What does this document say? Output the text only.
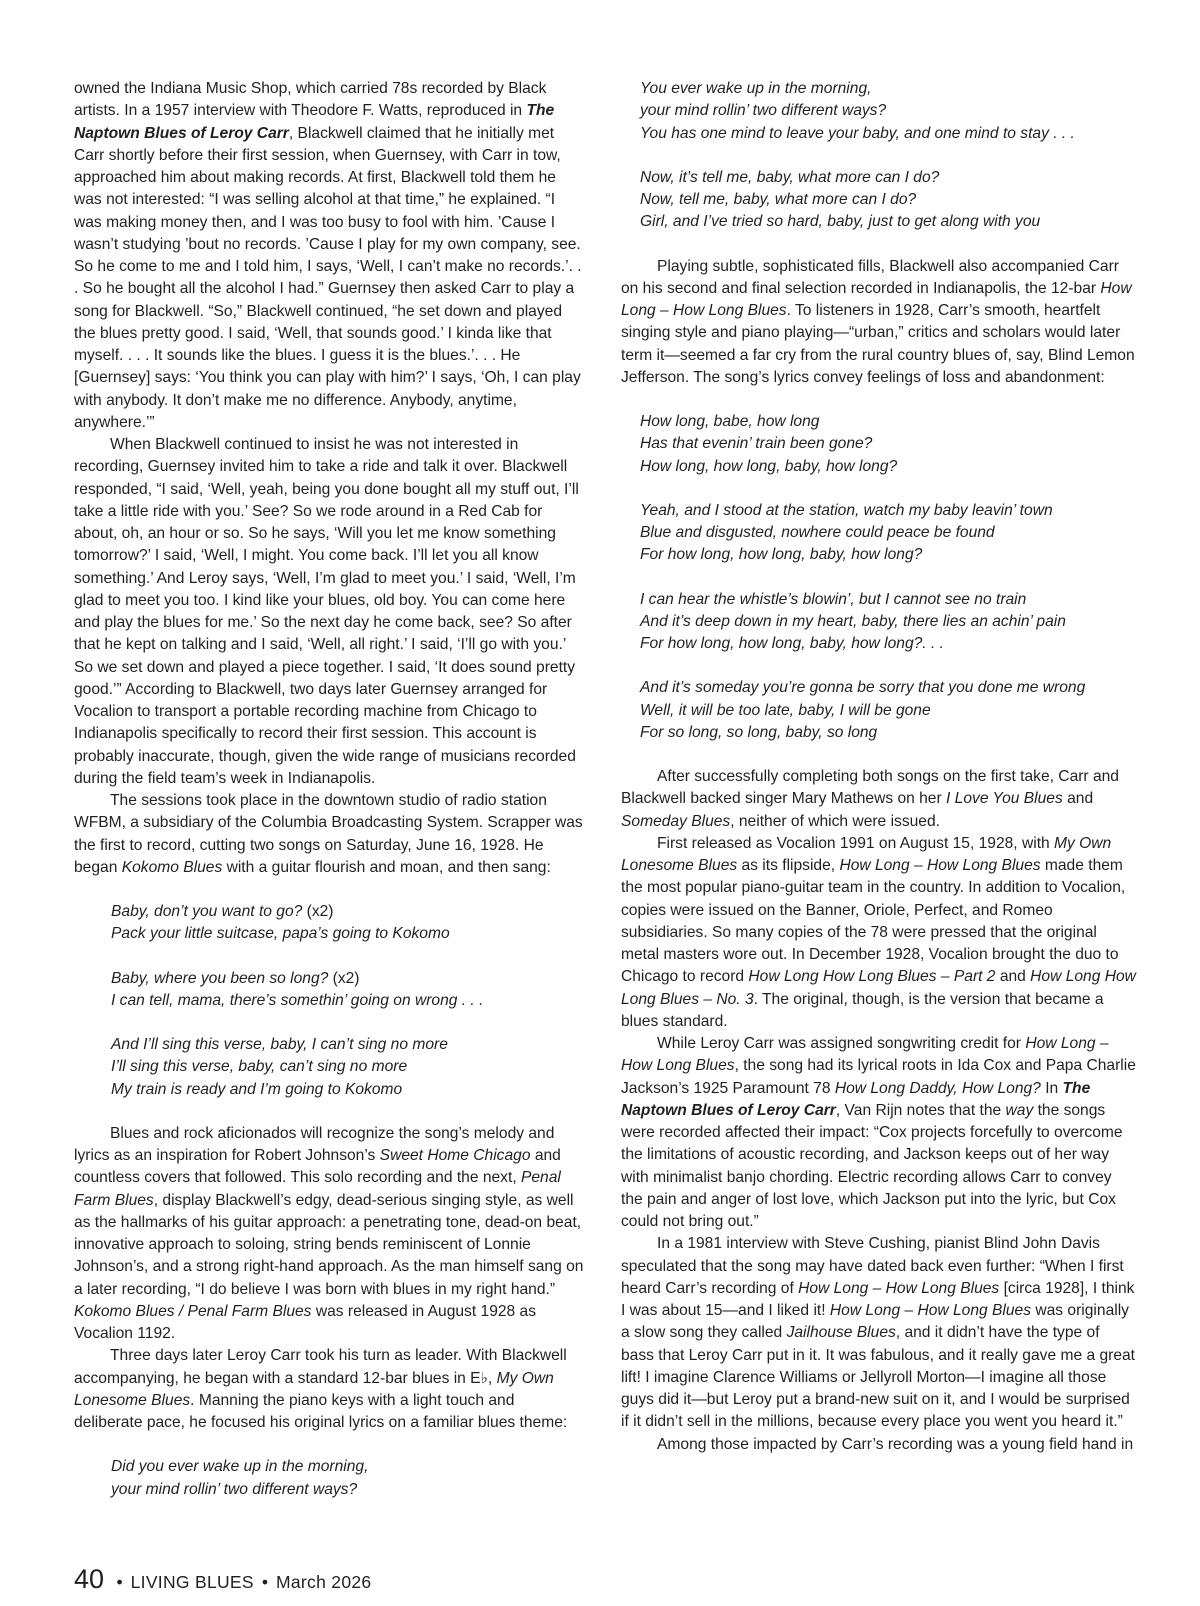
owned the Indiana Music Shop, which carried 78s recorded by Black artists. In a 1957 interview with Theodore F. Watts, reproduced in The Naptown Blues of Leroy Carr, Blackwell claimed that he initially met Carr shortly before their first session, when Guernsey, with Carr in tow, approached him about making records. At first, Blackwell told them he was not interested: “I was selling alcohol at that time,” he explained. “I was making money then, and I was too busy to fool with him. ’Cause I wasn’t studying ’bout no records. ’Cause I play for my own company, see. So he come to me and I told him, I says, ‘Well, I can’t make no records.’. . . So he bought all the alcohol I had.” Guernsey then asked Carr to play a song for Blackwell. “So,” Blackwell continued, “he set down and played the blues pretty good. I said, ‘Well, that sounds good.’ I kinda like that myself. . . . It sounds like the blues. I guess it is the blues.’. . . He [Guernsey] says: ‘You think you can play with him?’ I says, ‘Oh, I can play with anybody. It don’t make me no difference. Anybody, anytime, anywhere.’”

When Blackwell continued to insist he was not interested in recording, Guernsey invited him to take a ride and talk it over. Blackwell responded, “I said, ‘Well, yeah, being you done bought all my stuff out, I’ll take a little ride with you.’ See? So we rode around in a Red Cab for about, oh, an hour or so. So he says, ‘Will you let me know something tomorrow?’ I said, ‘Well, I might. You come back. I’ll let you all know something.’ And Leroy says, ‘Well, I’m glad to meet you.’ I said, ‘Well, I’m glad to meet you too. I kind like your blues, old boy. You can come here and play the blues for me.’ So the next day he come back, see? So after that he kept on talking and I said, ‘Well, all right.’ I said, ‘I’ll go with you.’ So we set down and played a piece together. I said, ‘It does sound pretty good.’” According to Blackwell, two days later Guernsey arranged for Vocalion to transport a portable recording machine from Chicago to Indianapolis specifically to record their first session. This account is probably inaccurate, though, given the wide range of musicians recorded during the field team’s week in Indianapolis.

The sessions took place in the downtown studio of radio station WFBM, a subsidiary of the Columbia Broadcasting System. Scrapper was the first to record, cutting two songs on Saturday, June 16, 1928. He began Kokomo Blues with a guitar flourish and moan, and then sang:

Baby, don’t you want to go? (x2)
Pack your little suitcase, papa’s going to Kokomo
Baby, where you been so long? (x2)
I can tell, mama, there’s somethin’ going on wrong . . .
And I’ll sing this verse, baby, I can’t sing no more
I’ll sing this verse, baby, can’t sing no more
My train is ready and I’m going to Kokomo

Blues and rock aficionados will recognize the song’s melody and lyrics as an inspiration for Robert Johnson’s Sweet Home Chicago and countless covers that followed. This solo recording and the next, Penal Farm Blues, display Blackwell’s edgy, dead-serious singing style, as well as the hallmarks of his guitar approach: a penetrating tone, dead-on beat, innovative approach to soloing, string bends reminiscent of Lonnie Johnson’s, and a strong right-hand approach. As the man himself sang on a later recording, “I do believe I was born with blues in my right hand.” Kokomo Blues / Penal Farm Blues was released in August 1928 as Vocalion 1192.

Three days later Leroy Carr took his turn as leader. With Blackwell accompanying, he began with a standard 12-bar blues in E♭, My Own Lonesome Blues. Manning the piano keys with a light touch and deliberate pace, he focused his original lyrics on a familiar blues theme:

Did you ever wake up in the morning,
your mind rollin’ two different ways?
You ever wake up in the morning,
your mind rollin’ two different ways?
You has one mind to leave your baby, and one mind to stay . . .
Now, it’s tell me, baby, what more can I do?
Now, tell me, baby, what more can I do?
Girl, and I’ve tried so hard, baby, just to get along with you

Playing subtle, sophisticated fills, Blackwell also accompanied Carr on his second and final selection recorded in Indianapolis, the 12-bar How Long – How Long Blues. To listeners in 1928, Carr’s smooth, heartfelt singing style and piano playing—“urban,” critics and scholars would later term it—seemed a far cry from the rural country blues of, say, Blind Lemon Jefferson. The song’s lyrics convey feelings of loss and abandonment:

How long, babe, how long
Has that evenin’ train been gone?
How long, how long, baby, how long?
Yeah, and I stood at the station, watch my baby leavin’ town
Blue and disgusted, nowhere could peace be found
For how long, how long, baby, how long?
I can hear the whistle’s blowin’, but I cannot see no train
And it’s deep down in my heart, baby, there lies an achin’ pain
For how long, how long, baby, how long?. . .
And it’s someday you’re gonna be sorry that you done me wrong
Well, it will be too late, baby, I will be gone
For so long, so long, baby, so long

After successfully completing both songs on the first take, Carr and Blackwell backed singer Mary Mathews on her I Love You Blues and Someday Blues, neither of which were issued.

First released as Vocalion 1991 on August 15, 1928, with My Own Lonesome Blues as its flipside, How Long – How Long Blues made them the most popular piano-guitar team in the country. In addition to Vocalion, copies were issued on the Banner, Oriole, Perfect, and Romeo subsidiaries. So many copies of the 78 were pressed that the original metal masters wore out. In December 1928, Vocalion brought the duo to Chicago to record How Long How Long Blues – Part 2 and How Long How Long Blues – No. 3. The original, though, is the version that became a blues standard.

While Leroy Carr was assigned songwriting credit for How Long – How Long Blues, the song had its lyrical roots in Ida Cox and Papa Charlie Jackson’s 1925 Paramount 78 How Long Daddy, How Long? In The Naptown Blues of Leroy Carr, Van Rijn notes that the way the songs were recorded affected their impact: “Cox projects forcefully to overcome the limitations of acoustic recording, and Jackson keeps out of her way with minimalist banjo chording. Electric recording allows Carr to convey the pain and anger of lost love, which Jackson put into the lyric, but Cox could not bring out.”

In a 1981 interview with Steve Cushing, pianist Blind John Davis speculated that the song may have dated back even further: “When I first heard Carr’s recording of How Long – How Long Blues [circa 1928], I think I was about 15—and I liked it! How Long – How Long Blues was originally a slow song they called Jailhouse Blues, and it didn’t have the type of bass that Leroy Carr put in it. It was fabulous, and it really gave me a great lift! I imagine Clarence Williams or Jellyroll Morton—I imagine all those guys did it—but Leroy put a brand-new suit on it, and I would be surprised if it didn’t sell in the millions, because every place you went you heard it.”

Among those impacted by Carr’s recording was a young field hand in

40 • LIVING BLUES • March 2026
